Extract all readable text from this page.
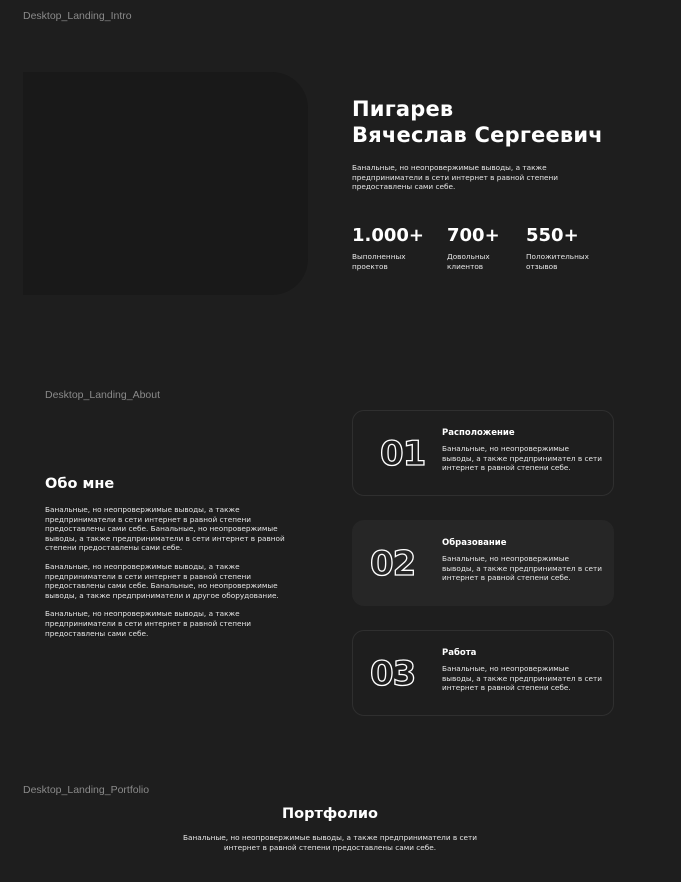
Desktop_Landing_Intro
Пигарев
Вячеслав Сергеевич
Банальные, но неопровержимые выводы, а также предприниматели в сети интернет в равной степени предоставлены сами себе.
1.000+
Выполненных проектов
700+
Довольных клиентов
550+
Положительных отзывов
Desktop_Landing_About
Обо мне

Банальные, но неопровержимые выводы, а также предприниматели в сети интернет в равной степени предоставлены сами себе. Банальные, но неопровержимые выводы, а также предприниматели в сети интернет в равной степени предоставлены сами себе.

Банальные, но неопровержимые выводы, а также предприниматели в сети интернет в равной степени предоставлены сами себе. Банальные, но неопровержимые выводы, а также предприниматели и другое оборудование.

Банальные, но неопровержимые выводы, а также предприниматели в сети интернет в равной степени предоставлены сами себе.

01
Расположение
Банальные, но неопровержимые выводы, а также предпринимател в сети интернет в равной степени себе.
02
Образование
Банальные, но неопровержимые выводы, а также предпринимател в сети интернет в равной степени себе.
03
Работа
Банальные, но неопровержимые выводы, а также предпринимател в сети интернет в равной степени себе.
Desktop_Landing_Portfolio
Портфолио
Банальные, но неопровержимые выводы, а также предприниматели в сети интернет в равной степени предоставлены сами себе.
